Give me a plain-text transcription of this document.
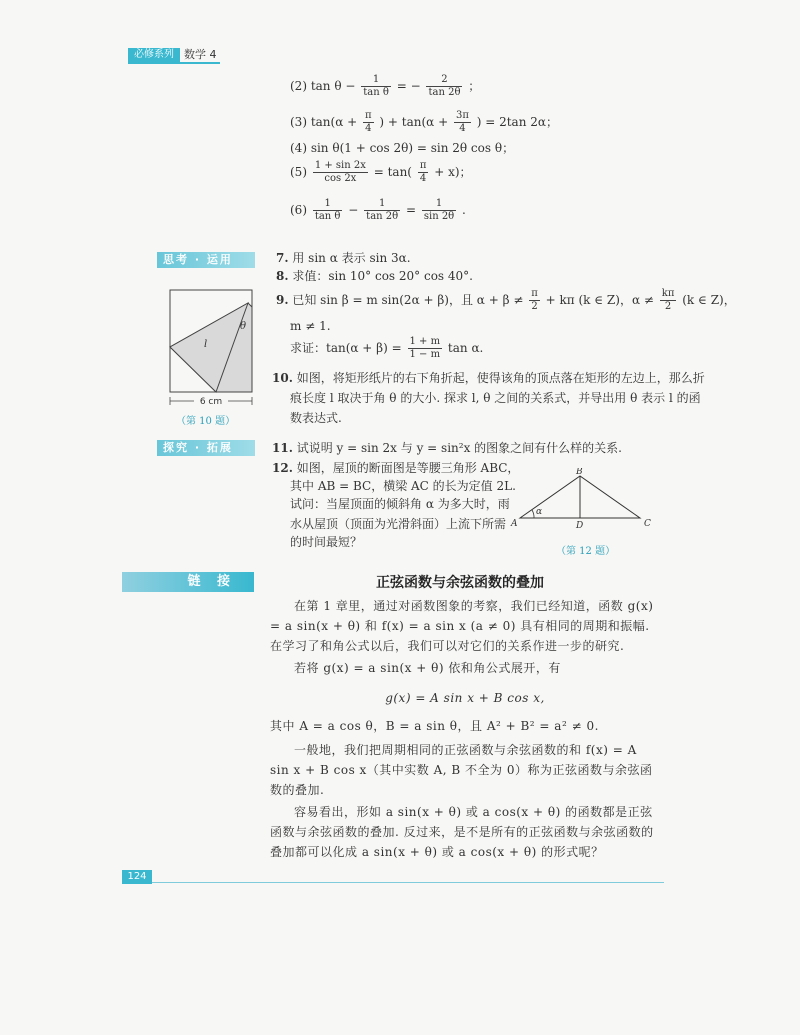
必修系列 数学 4
(2) $\tan \theta - \frac{1}{\text{tan θ}}$ = − $\frac{2}{\tan 2\theta}$ ；
(3) $\tan(\alpha + \frac{\pi}{4}$ ) + $\tan(\alpha + \frac{3\pi}{4}$ ) = 2tan 2α；
(4) sin θ(1 + cos 2θ) = sin 2θ cos θ；
$(5) \frac{1 + \sin 2x}{\cos 2x} = \tan( \frac{\pi}{4} + x)$；
$(6) \frac{1}{\text{tan θ}} - \frac{1}{\tan 2\theta} = \frac{1}{\sin 2\theta}$ .
思考 · 运用	7. 用 sin α 表示 sin 3α.
8. 求值：sin 10° cos 20° cos 40°.
9. 已知 sin β = m sin(2α + β)，且 $\alpha + \beta \ne \frac{\pi}{2} + k\pi$ (k ∈ Z)，$\alpha \ne \frac{k\pi}{2} (k$ ∈ Z)，
m ≠ 1.
求证：$\tan(\alpha + \beta) = \frac{1 + m}{1 - m}$ tan α.
10. 如图，将矩形纸片的右下角折起，使得该角的顶点落在矩形的左边上，那么折
痕长度 l 取决于角 θ 的大小. 探求 l, θ 之间的关系式，并导出用 θ 表示 l 的函
数表达式.
l
θ
6 cm
（第 10 题）
探究 · 拓展	11. 试说明 y = sin 2x 与 y = sin²x 的图象之间有什么样的关系.
12. 如图，屋顶的断面图是等腰三角形 ABC，
其中 AB = BC，横梁 AC 的长为定值 2L.
试问：当屋顶面的倾斜角 α 为多大时，雨
水从屋顶（顶面为光滑斜面）上流下所需
的时间最短？
α
A
B
C
D
（第 12 题）
链 接	正弦函数与余弦函数的叠加
在第 1 章里，通过对函数图象的考察，我们已经知道，函数 g(x) = a sin(x + θ) 和 f(x) = a sin x (a ≠ 0) 具有相同的周期和振幅. 在学习了和角公式以后，我们可以对它们的关系作进一步的研究.
若将 g(x) = a sin(x + θ) 依和角公式展开，有
g(x) = A sin x + B cos x,
其中 A = a cos θ，B = a sin θ，且 A² + B² = a² ≠ 0.
一般地，我们把周期相同的正弦函数与余弦函数的和 f(x) = A sin x + B cos x（其中实数 A, B 不全为 0）称为正弦函数与余弦函数的叠加.
容易看出，形如 a sin(x + θ) 或 a cos(x + θ) 的函数都是正弦函数与余弦函数的叠加. 反过来，是不是所有的正弦函数与余弦函数的叠加都可以化成 a sin(x + θ) 或 a cos(x + θ) 的形式呢？
124
